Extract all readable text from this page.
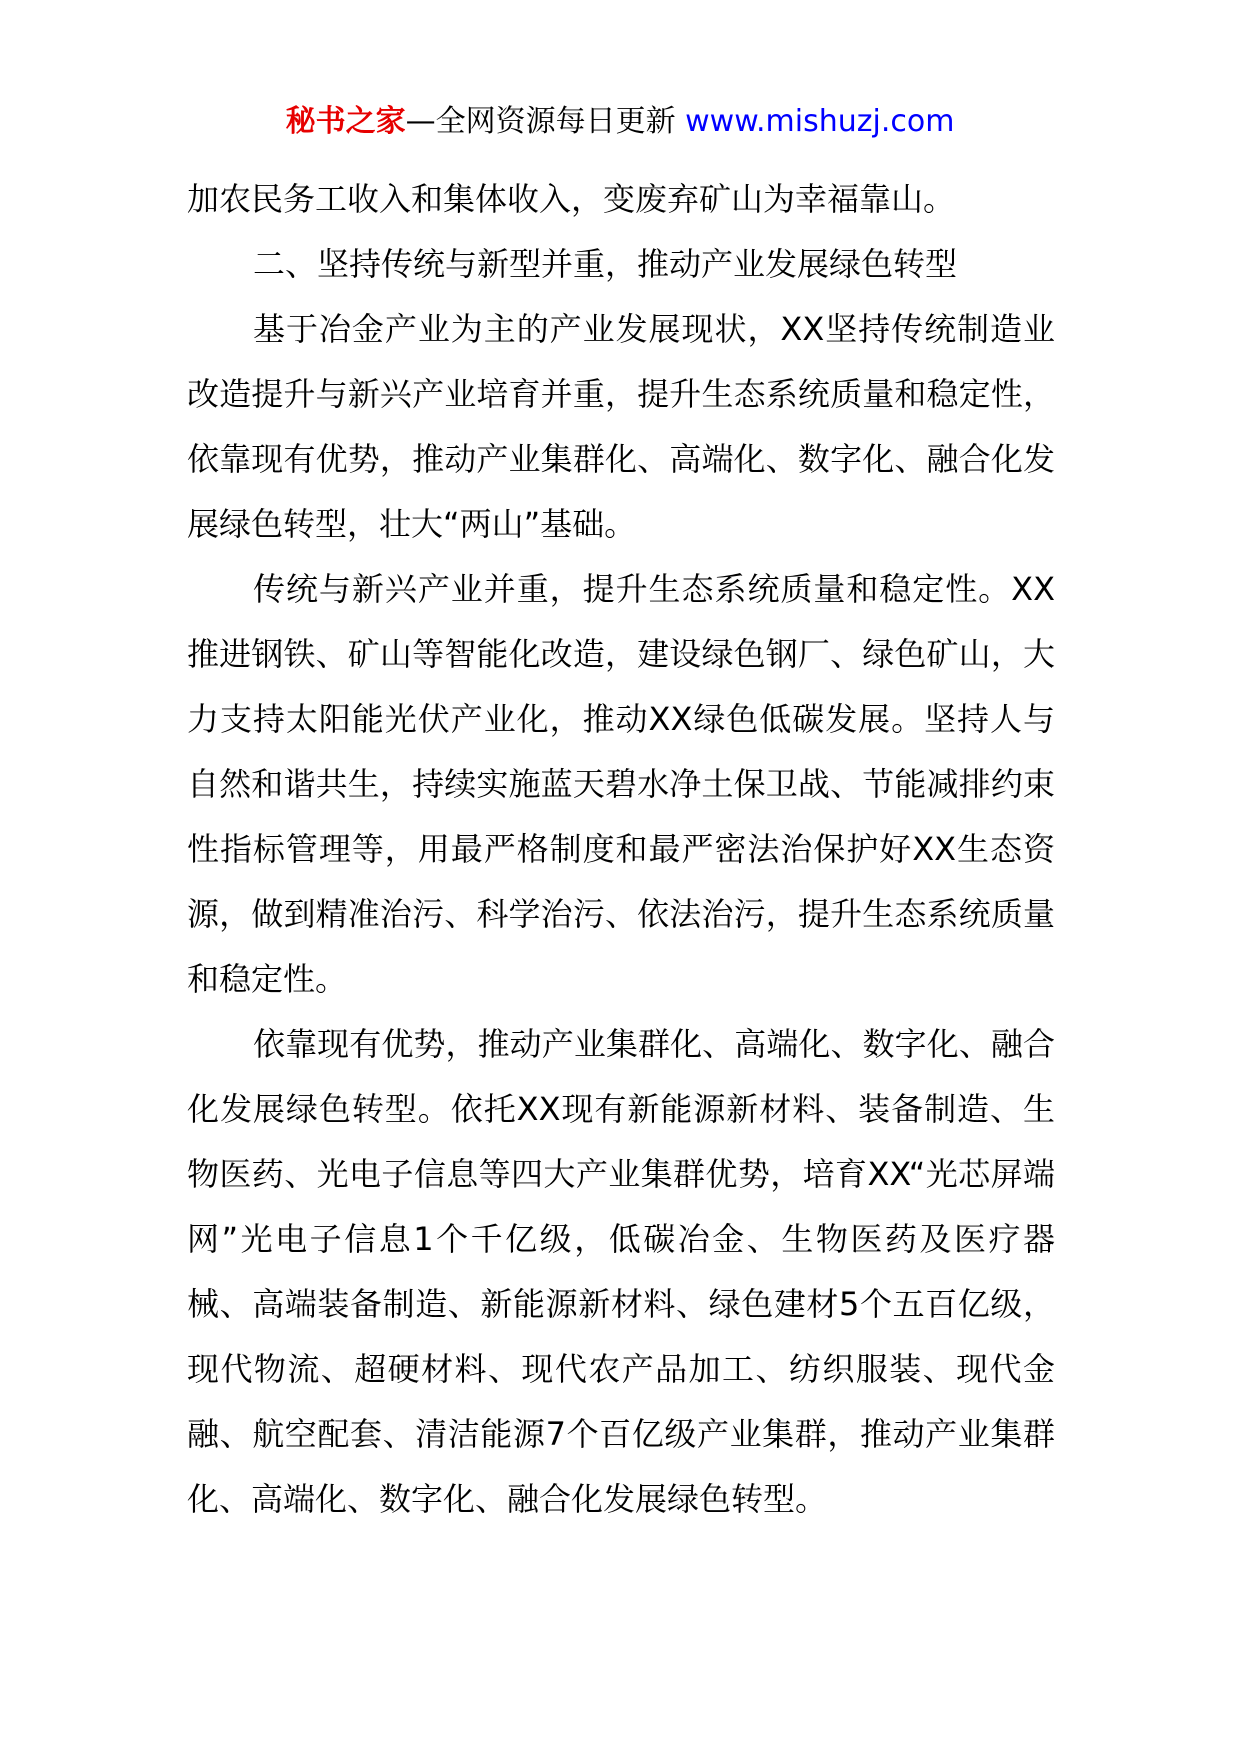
秘书之家—全网资源每日更新 www.mishuzj.com

加农民务工收入和集体收入，变废弃矿山为幸福靠山。

二、坚持传统与新型并重，推动产业发展绿色转型

基于冶金产业为主的产业发展现状，XX坚持传统制造业改造提升与新兴产业培育并重，提升生态系统质量和稳定性，依靠现有优势，推动产业集群化、高端化、数字化、融合化发展绿色转型，壮大“两山”基础。

传统与新兴产业并重，提升生态系统质量和稳定性。XX推进钢铁、矿山等智能化改造，建设绿色钢厂、绿色矿山，大力支持太阳能光伏产业化，推动XX绿色低碳发展。坚持人与自然和谐共生，持续实施蓝天碧水净土保卫战、节能减排约束性指标管理等，用最严格制度和最严密法治保护好XX生态资源，做到精准治污、科学治污、依法治污，提升生态系统质量和稳定性。

依靠现有优势，推动产业集群化、高端化、数字化、融合化发展绿色转型。依托XX现有新能源新材料、装备制造、生物医药、光电子信息等四大产业集群优势，培育XX“光芯屏端网”光电子信息1个千亿级，低碳冶金、生物医药及医疗器械、高端装备制造、新能源新材料、绿色建材5个五百亿级，现代物流、超硬材料、现代农产品加工、纺织服装、现代金融、航空配套、清洁能源7个百亿级产业集群，推动产业集群化、高端化、数字化、融合化发展绿色转型。
